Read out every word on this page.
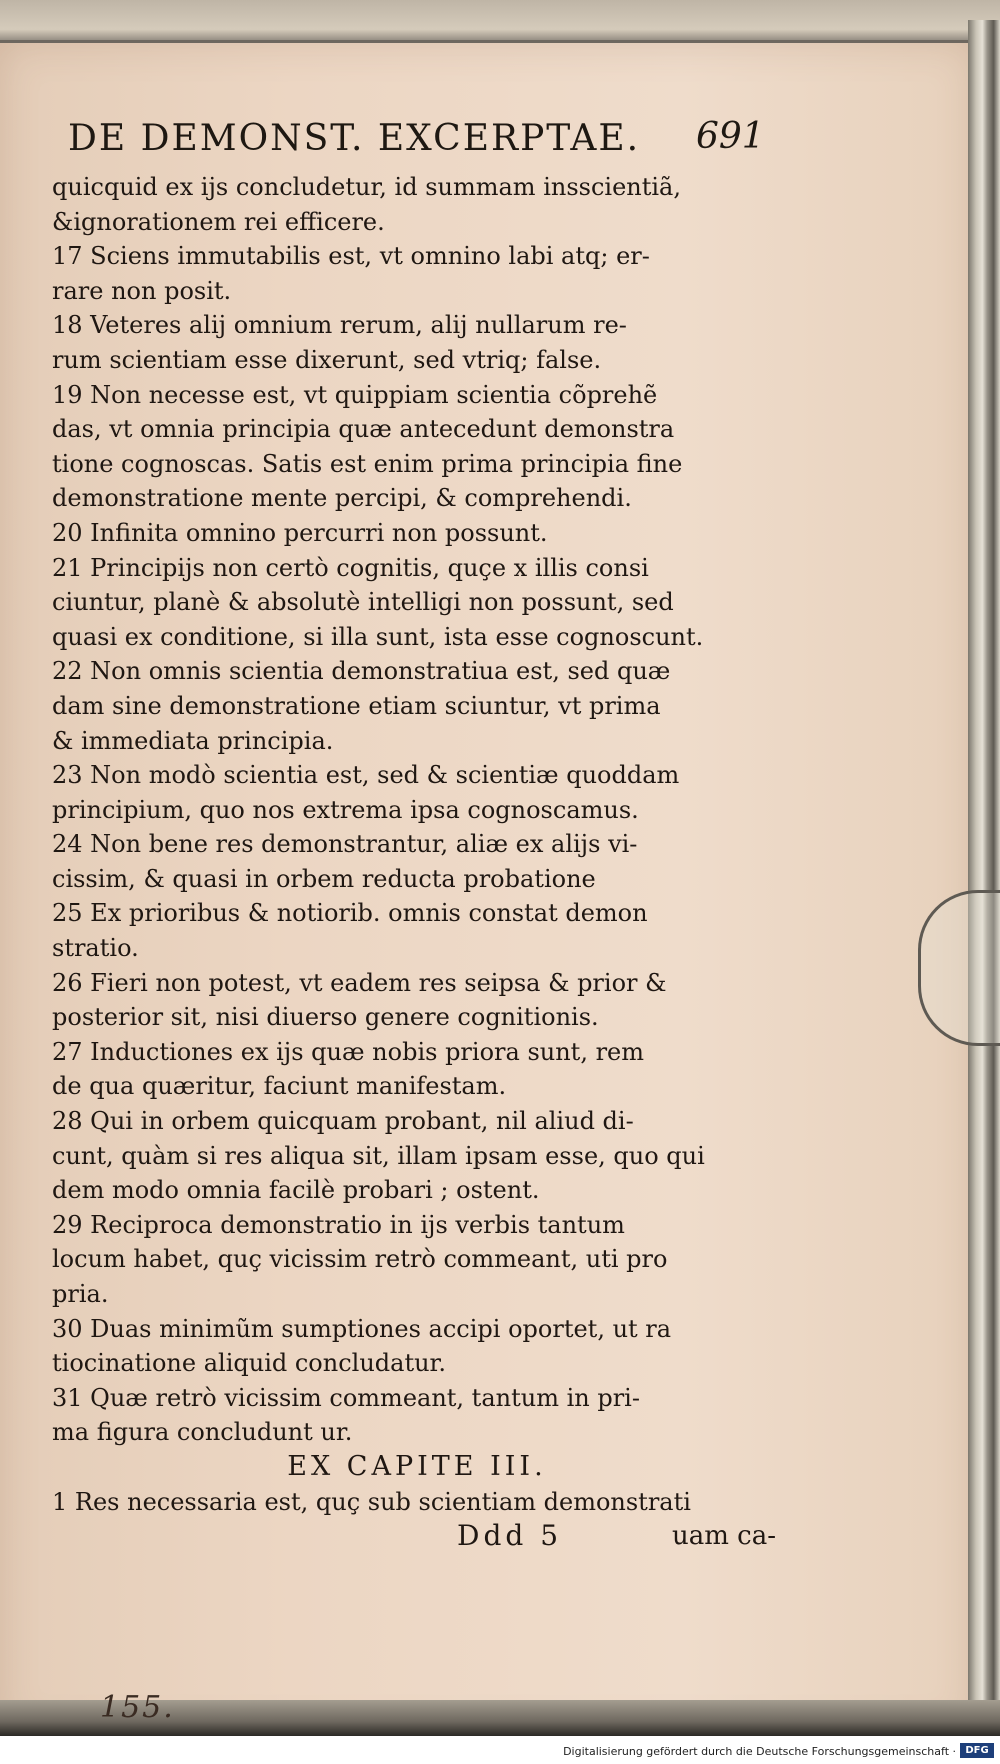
DE DEMONST. EXCERPTAE.	691
quicquid ex ijs concludetur, id summam insscientiã,
&ignorationem rei efficere.
17 Sciens immutabilis est, vt omnino labi atq; er-
rare non posit.
18 Veteres alij omnium rerum, alij nullarum re-
rum scientiam esse dixerunt, sed vtriq; false.
19 Non necesse est, vt quippiam scientia cõprehẽ
das, vt omnia principia quæ antecedunt demonstra
tione cognoscas. Satis est enim prima principia fine
demonstratione mente percipi, & comprehendi.
20 Infinita omnino percurri non possunt.
21 Principijs non certò cognitis, quçe x illis consi
ciuntur, planè & absolutè intelligi non possunt, sed
quasi ex conditione, si illa sunt, ista esse cognoscunt.
22 Non omnis scientia demonstratiua est, sed quæ
dam sine demonstratione etiam sciuntur, vt prima
& immediata principia.
23 Non modò scientia est, sed & scientiæ quoddam
principium, quo nos extrema ipsa cognoscamus.
24 Non bene res demonstrantur, aliæ ex alijs vi-
cissim, & quasi in orbem reducta probatione
25 Ex prioribus & notiorib. omnis constat demon
stratio.
26 Fieri non potest, vt eadem res seipsa & prior &
posterior sit, nisi diuerso genere cognitionis.
27 Inductiones ex ijs quæ nobis priora sunt, rem
de qua quæritur, faciunt manifestam.
28 Qui in orbem quicquam probant, nil aliud di-
cunt, quàm si res aliqua sit, illam ipsam esse, quo qui
dem modo omnia facilè probari ; ostent.
29 Reciproca demonstratio in ijs verbis tantum
locum habet, quç vicissim retrò commeant, uti pro
pria.
30 Duas minimũm sumptiones accipi oportet, ut ra
tiocinatione aliquid concludatur.
31 Quæ retrò vicissim commeant, tantum in pri-
ma figura concludunt ur.
EX CAPITE III.
1 Res necessaria est, quç sub scientiam demonstrati
Ddd 5	uam ca-
155.
Digitalisierung gefördert durch die Deutsche Forschungsgemeinschaft · DFG
